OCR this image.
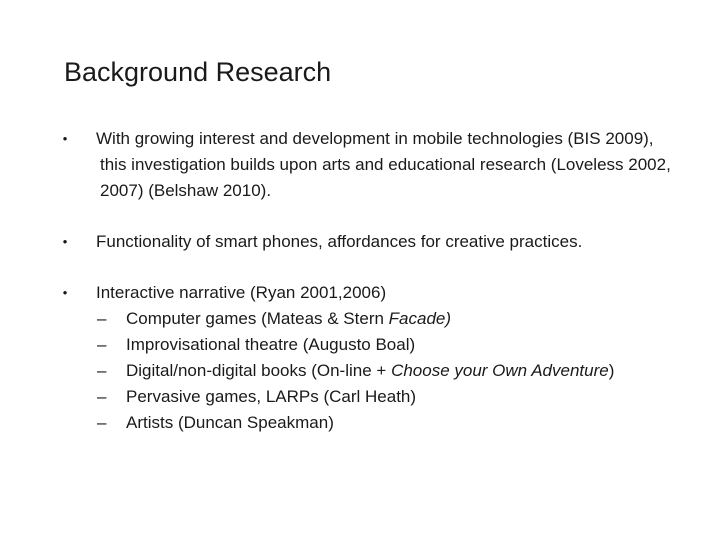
Background Research
• With growing interest and development in mobile technologies (BIS 2009), this investigation builds upon arts and educational research (Loveless 2002, 2007) (Belshaw 2010).
• Functionality of smart phones, affordances for creative practices.
• Interactive narrative (Ryan 2001,2006)
– Computer games (Mateas & Stern Facade)
– Improvisational theatre (Augusto Boal)
– Digital/non-digital books (On-line + Choose your Own Adventure)
– Pervasive games, LARPs (Carl Heath)
– Artists (Duncan Speakman)
